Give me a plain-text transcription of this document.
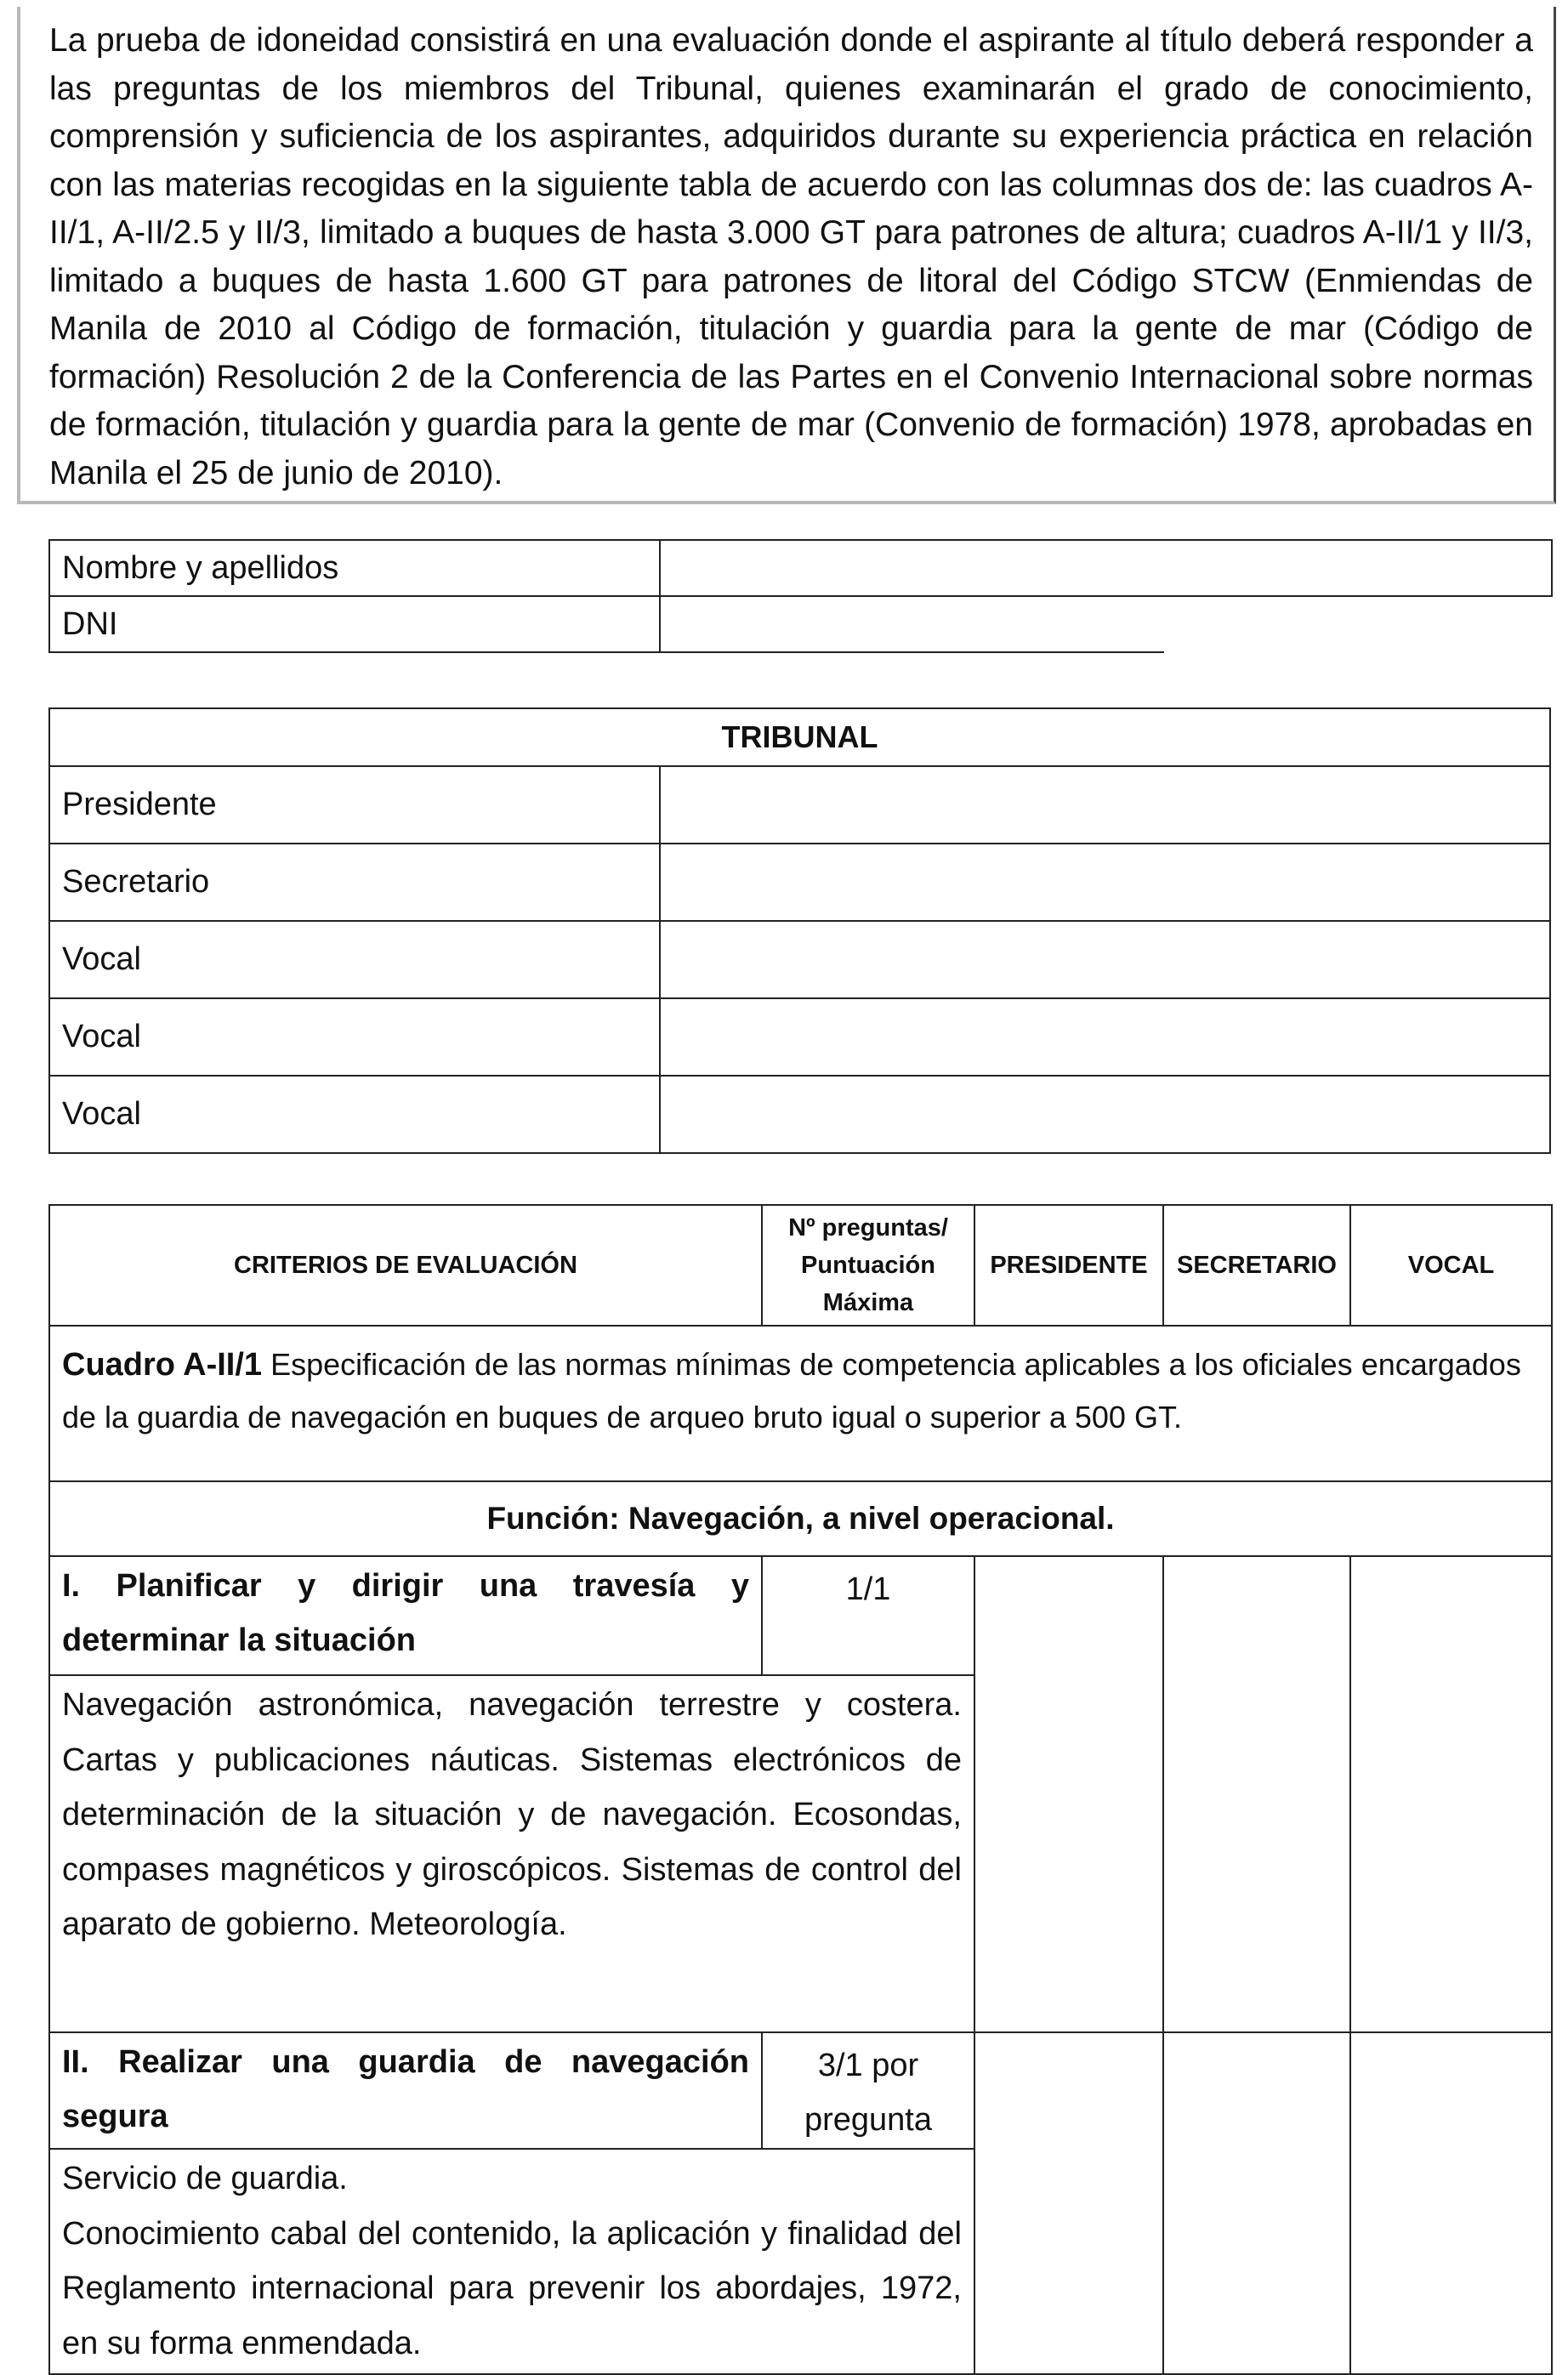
La prueba de idoneidad consistirá en una evaluación donde el aspirante al título deberá responder a las preguntas de los miembros del Tribunal, quienes examinarán el grado de conocimiento, comprensión y suficiencia de los aspirantes, adquiridos durante su experiencia práctica en relación con las materias recogidas en la siguiente tabla de acuerdo con las columnas dos de: las cuadros A-II/1, A-II/2.5 y II/3, limitado a buques de hasta 3.000 GT para patrones de altura; cuadros A-II/1 y II/3, limitado a buques de hasta 1.600 GT para patrones de litoral del Código STCW (Enmiendas de Manila de 2010 al Código de formación, titulación y guardia para la gente de mar (Código de formación) Resolución 2 de la Conferencia de las Partes en el Convenio Internacional sobre normas de formación, titulación y guardia para la gente de mar (Convenio de formación) 1978, aprobadas en Manila el 25 de junio de 2010).
Nombre y apellidos	
DNI	
TRIBUNAL	
Presidente	
Secretario	
Vocal	
Vocal	
Vocal	
CRITERIOS DE EVALUACIÓN	Nº preguntas/
Puntuación
Máxima	PRESIDENTE	SECRETARIO	VOCAL
Cuadro A-II/1 Especificación de las normas mínimas de competencia aplicables a los oficiales encargados de la guardia de navegación en buques de arqueo bruto igual o superior a 500 GT.				
Función: Navegación, a nivel operacional.				
I. Planificar y dirigir una travesía y
determinar la situación	1/1			
Navegación astronómica, navegación terrestre y costera. Cartas y publicaciones náuticas. Sistemas electrónicos de determinación de la situación y de navegación. Ecosondas, compases magnéticos y giroscópicos. Sistemas de control del aparato de gobierno. Meteorología.				
II. Realizar una guardia de navegación
segura	3/1 por
pregunta			
Servicio de guardia.
Conocimiento cabal del contenido, la aplicación y finalidad del Reglamento internacional para prevenir los abordajes, 1972, en su forma enmendada.				
